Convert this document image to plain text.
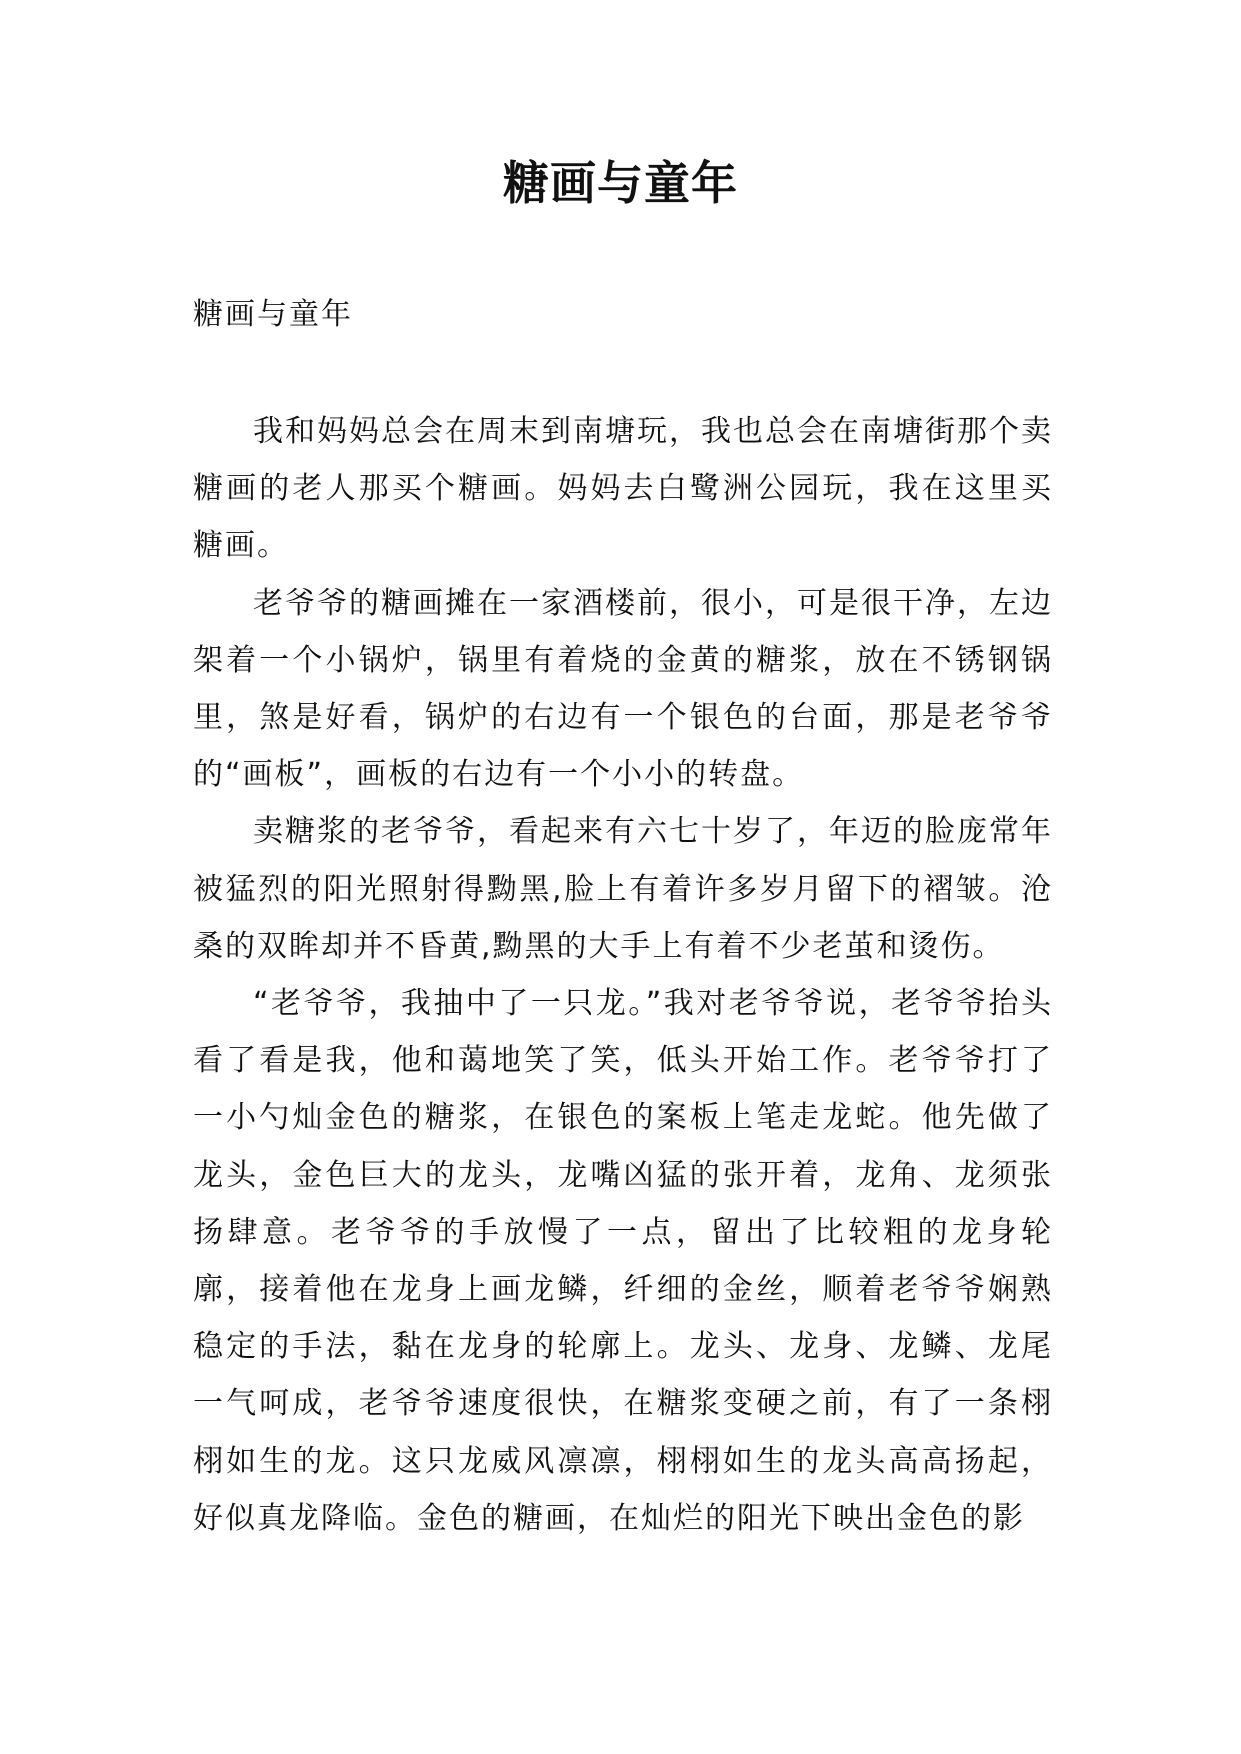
糖画与童年

糖画与童年

我和妈妈总会在周末到南塘玩，我也总会在南塘街那个卖糖画的老人那买个糖画。妈妈去白鹭洲公园玩，我在这里买糖画。

老爷爷的糖画摊在一家酒楼前，很小，可是很干净，左边架着一个小锅炉，锅里有着烧的金黄的糖浆，放在不锈钢锅里，煞是好看，锅炉的右边有一个银色的台面，那是老爷爷的“画板”，画板的右边有一个小小的转盘。

卖糖浆的老爷爷，看起来有六七十岁了，年迈的脸庞常年被猛烈的阳光照射得黝黑,脸上有着许多岁月留下的褶皱。沧桑的双眸却并不昏黄,黝黑的大手上有着不少老茧和烫伤。

“老爷爷，我抽中了一只龙。”我对老爷爷说，老爷爷抬头看了看是我，他和蔼地笑了笑，低头开始工作。老爷爷打了一小勺灿金色的糖浆，在银色的案板上笔走龙蛇。他先做了龙头，金色巨大的龙头，龙嘴凶猛的张开着，龙角、龙须张扬肆意。老爷爷的手放慢了一点，留出了比较粗的龙身轮廓，接着他在龙身上画龙鳞，纤细的金丝，顺着老爷爷娴熟稳定的手法，黏在龙身的轮廓上。龙头、龙身、龙鳞、龙尾一气呵成，老爷爷速度很快，在糖浆变硬之前，有了一条栩栩如生的龙。这只龙威风凛凛，栩栩如生的龙头高高扬起，好似真龙降临。金色的糖画，在灿烂的阳光下映出金色的影
